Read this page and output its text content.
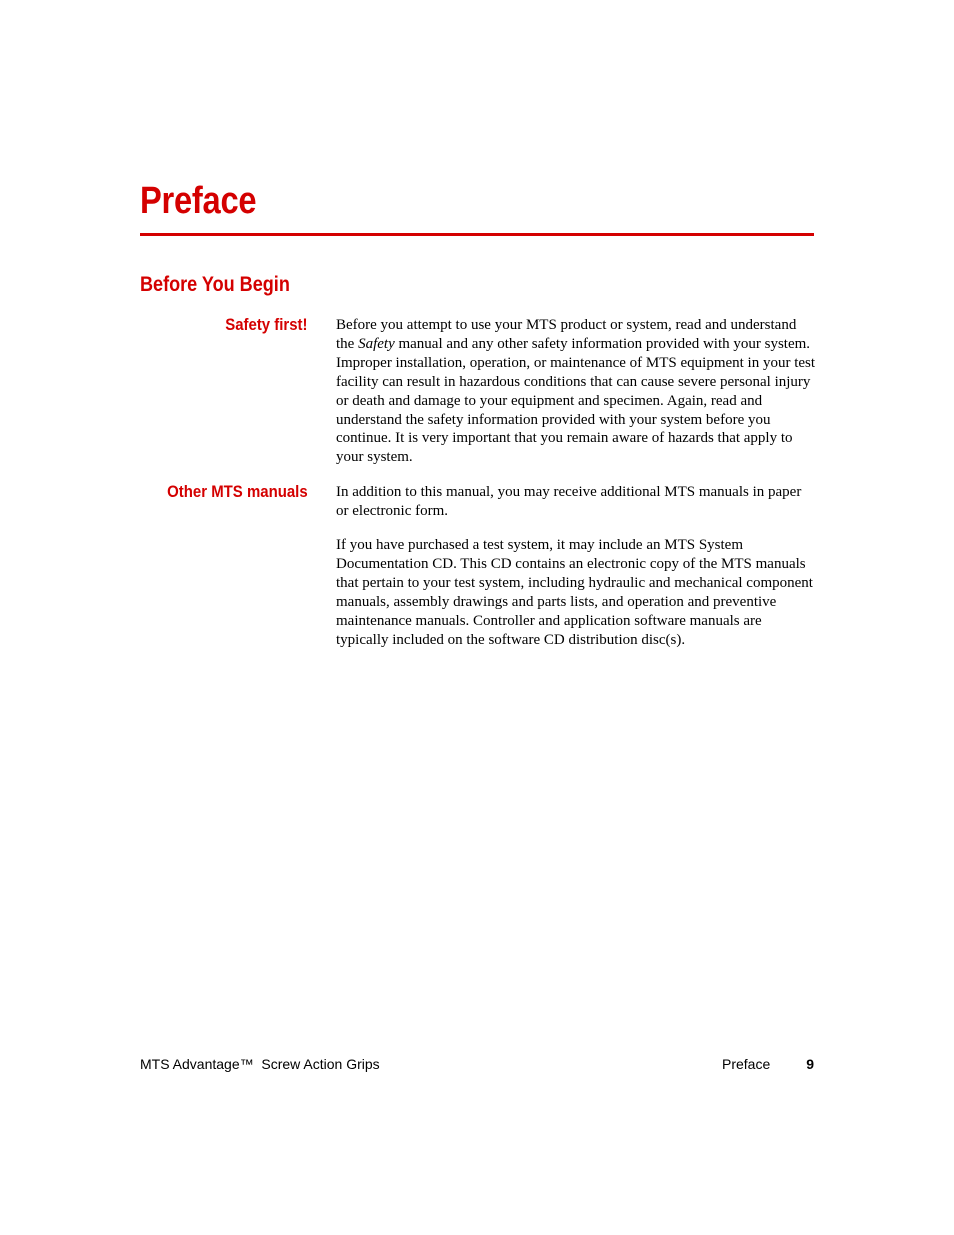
Preface
Before You Begin
Safety first! Before you attempt to use your MTS product or system, read and understand the Safety manual and any other safety information provided with your system. Improper installation, operation, or maintenance of MTS equipment in your test facility can result in hazardous conditions that can cause severe personal injury or death and damage to your equipment and specimen. Again, read and understand the safety information provided with your system before you continue. It is very important that you remain aware of hazards that apply to your system.

Other MTS manuals In addition to this manual, you may receive additional MTS manuals in paper or electronic form.

If you have purchased a test system, it may include an MTS System Documentation CD. This CD contains an electronic copy of the MTS manuals that pertain to your test system, including hydraulic and mechanical component manuals, assembly drawings and parts lists, and operation and preventive maintenance manuals. Controller and application software manuals are typically included on the software CD distribution disc(s).

MTS Advantage™  Screw Action Grips	Preface	9
